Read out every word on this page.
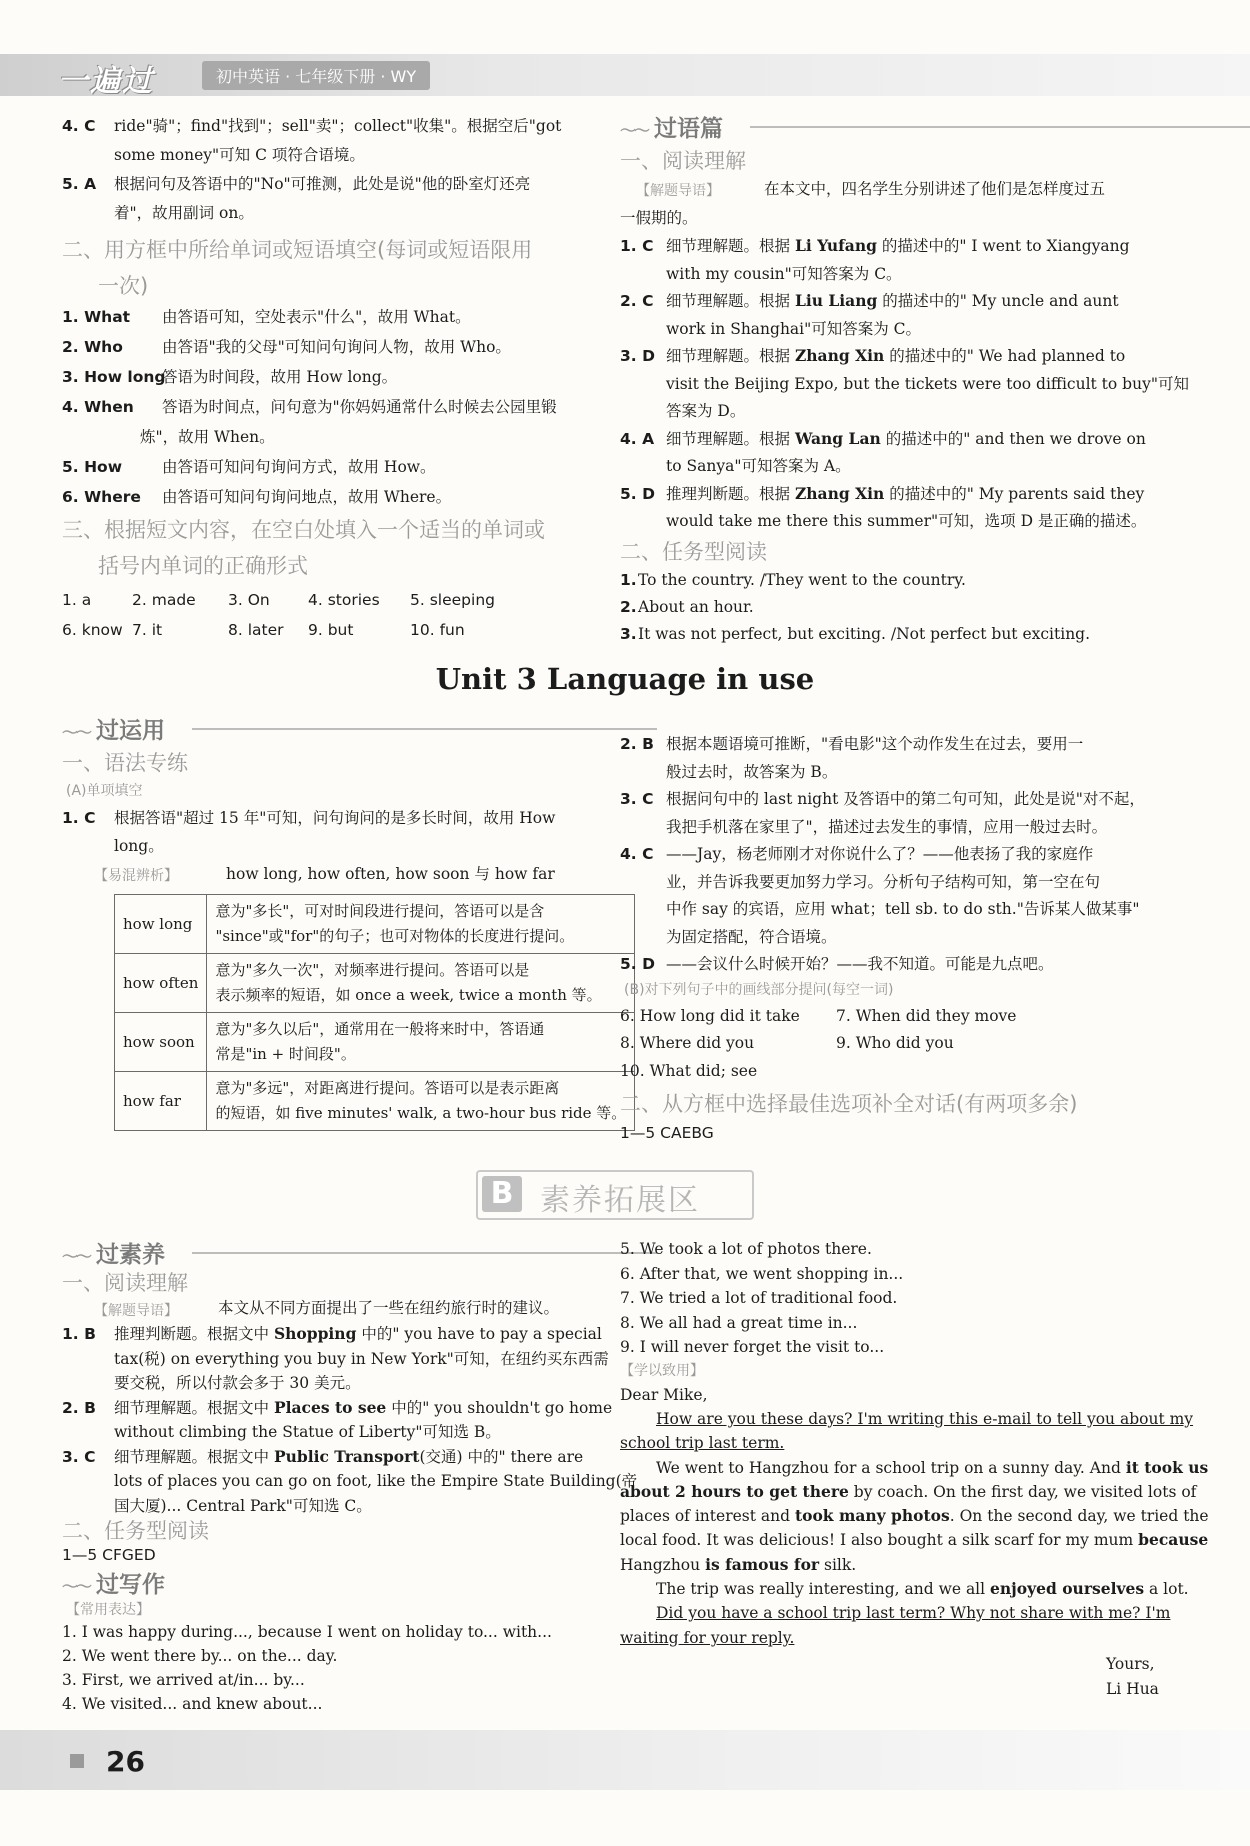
一遍过	初中英语 · 七年级下册 · WY
4. C ride"骑"；find"找到"；sell"卖"；collect"收集"。根据空后"got
some money"可知 C 项符合语境。
5. A 根据问句及答语中的"No"可推测，此处是说"他的卧室灯还亮
着"，故用副词 on。
二、用方框中所给单词或短语填空(每词或短语限用
一次)
1. What 由答语可知，空处表示"什么"，故用 What。
2. Who	由答语"我的父母"可知问句询问人物，故用 Who。
3. How long答语为时间段，故用 How long。
4. When 答语为时间点，问句意为"你妈妈通常什么时候去公园里锻
炼"，故用 When。
5. How	由答语可知问句询问方式，故用 How。
6. Where 由答语可知问句询问地点，故用 Where。
三、根据短文内容，在空白处填入一个适当的单词或
括号内单词的正确形式
1. a	2. made 3. On 4. stories 5. sleeping
6. know 7. it	8. later 9. but	10. fun
〜〜 过语篇
一、阅读理解
【解题导语】	在本文中，四名学生分别讲述了他们是怎样度过五
一假期的。
1. C 细节理解题。根据 Li Yufang 的描述中的" I went to Xiangyang
with my cousin"可知答案为 C。
2. C 细节理解题。根据 Liu Liang 的描述中的" My uncle and aunt
work in Shanghai"可知答案为 C。
3. D 细节理解题。根据 Zhang Xin 的描述中的" We had planned to
visit the Beijing Expo, but the tickets were too difficult to buy"可知
答案为 D。
4. A 细节理解题。根据 Wang Lan 的描述中的" and then we drove on
to Sanya"可知答案为 A。
5. D 推理判断题。根据 Zhang Xin 的描述中的" My parents said they
would take me there this summer"可知，选项 D 是正确的描述。
二、任务型阅读
1.To the country. /They went to the country.
2.About an hour.
3.It was not perfect, but exciting. /Not perfect but exciting.
Unit 3 Language in use
〜〜 过运用
一、语法专练
(A)单项填空
1. C 根据答语"超过 15 年"可知，问句询问的是多长时间，故用 How
long。
【易混辨析】	how long, how often, how soon 与 how far
how long	意为"多长"，可对时间段进行提问，答语可以是含
"since"或"for"的句子；也可对物体的长度进行提问。

how often	意为"多久一次"，对频率进行提问。答语可以是
表示频率的短语，如 once a week, twice a month 等。

how soon	意为"多久以后"，通常用在一般将来时中，答语通
常是"in + 时间段"。

how far	意为"多远"，对距离进行提问。答语可以是表示距离
的短语，如 five minutes' walk, a two-hour bus ride 等。
2. B 根据本题语境可推断，"看电影"这个动作发生在过去，要用一
般过去时，故答案为 B。
3. C 根据问句中的 last night 及答语中的第二句可知，此处是说"对不起，
我把手机落在家里了"，描述过去发生的事情，应用一般过去时。
4. C ——Jay，杨老师刚才对你说什么了？——他表扬了我的家庭作
业，并告诉我要更加努力学习。分析句子结构可知，第一空在句
中作 say 的宾语，应用 what；tell sb. to do sth."告诉某人做某事"
为固定搭配，符合语境。
5. D ——会议什么时候开始？——我不知道。可能是九点吧。
(B)对下列句子中的画线部分提问(每空一词)
6. How long did it take 7. When did they move
8. Where did you	9. Who did you
10. What did; see
二、从方框中选择最佳选项补全对话(有两项多余)
1—5 CAEBG
B 素养拓展区
〜〜 过素养
一、阅读理解
【解题导语】	本文从不同方面提出了一些在纽约旅行时的建议。
1. B 推理判断题。根据文中 Shopping 中的" you have to pay a special
tax(税) on everything you buy in New York"可知，在纽约买东西需
要交税，所以付款会多于 30 美元。
2. B 细节理解题。根据文中 Places to see 中的" you shouldn't go home
without climbing the Statue of Liberty"可知选 B。
3. C 细节理解题。根据文中 Public Transport(交通) 中的" there are
lots of places you can go on foot, like the Empire State Building(帝
国大厦)... Central Park"可知选 C。
二、任务型阅读
1—5 CFGED
〜〜 过写作
【常用表达】
1. I was happy during..., because I went on holiday to... with...
2. We went there by... on the... day.
3. First, we arrived at/in... by...
4. We visited... and knew about...
5. We took a lot of photos there.
6. After that, we went shopping in...
7. We tried a lot of traditional food.
8. We all had a great time in...
9. I will never forget the visit to...
【学以致用】
Dear Mike,
How are you these days? I'm writing this e-mail to tell you about my
school trip last term.
We went to Hangzhou for a school trip on a sunny day. And it took us
about 2 hours to get there by coach. On the first day, we visited lots of
places of interest and took many photos. On the second day, we tried the
local food. It was delicious! I also bought a silk scarf for my mum because
Hangzhou is famous for silk.
The trip was really interesting, and we all enjoyed ourselves a lot.
Did you have a school trip last term? Why not share with me? I'm
waiting for your reply.
Yours,
Li Hua
26
